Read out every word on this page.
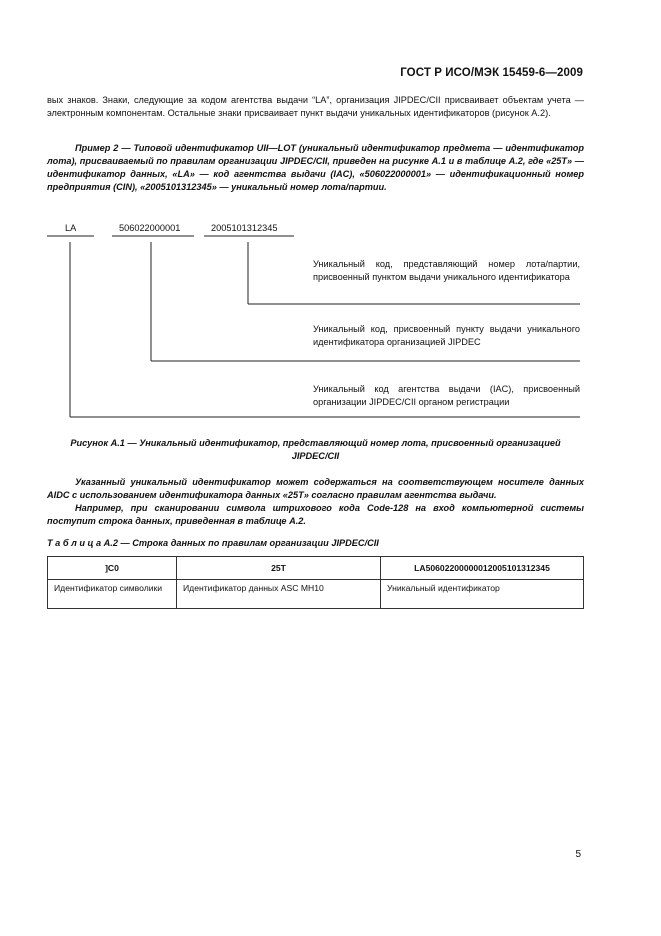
ГОСТ Р ИСО/МЭК 15459-6—2009
вых знаков. Знаки, следующие за кодом агентства выдачи “LA”, организация JIPDEC/CII присваивает объектам учета — электронным компонентам. Остальные знаки присваивает пункт выдачи уникальных идентификаторов (рисунок А.2).
Пример 2 — Типовой идентификатор UII—LOT (уникальный идентификатор предмета — идентификатор лота), присваиваемый по правилам организации JIPDEC/CII, приведен на рисунке А.1 и в таблице А.2, где «25Т» — идентификатор данных, «LA» — код агентства выдачи (IAC), «506022000001» — идентификационный номер предприятия (CIN), «2005101312345» — уникальный номер лота/партии.
LA	506022000001	2005101312345
Уникальный код, представляющий номер лота/партии, присвоенный пунктом выдачи уникального идентификатора
Уникальный код, присвоенный пункту выдачи уникального идентификатора организацией JIPDEC
Уникальный код агентства выдачи (IAC), присвоенный организации JIPDEC/CII органом регистрации
Рисунок А.1 — Уникальный идентификатор, представляющий номер лота, присвоенный организацией JIPDEC/CII
Указанный уникальный идентификатор может содержаться на соответствующем носителе данных AIDC с использованием идентификатора данных «25Т» согласно правилам агентства выдачи.
Например, при сканировании символа штрихового кода Code-128 на вход компьютерной системы поступит строка данных, приведенная в таблице А.2.
Т а б л и ц а А.2 — Строка данных по правилам организации JIPDEC/CII
]C0	25T	LA5060220000001200510131234​5
Идентификатор символики	Идентификатор данных ASC MH10	Уникальный идентификатор
5
